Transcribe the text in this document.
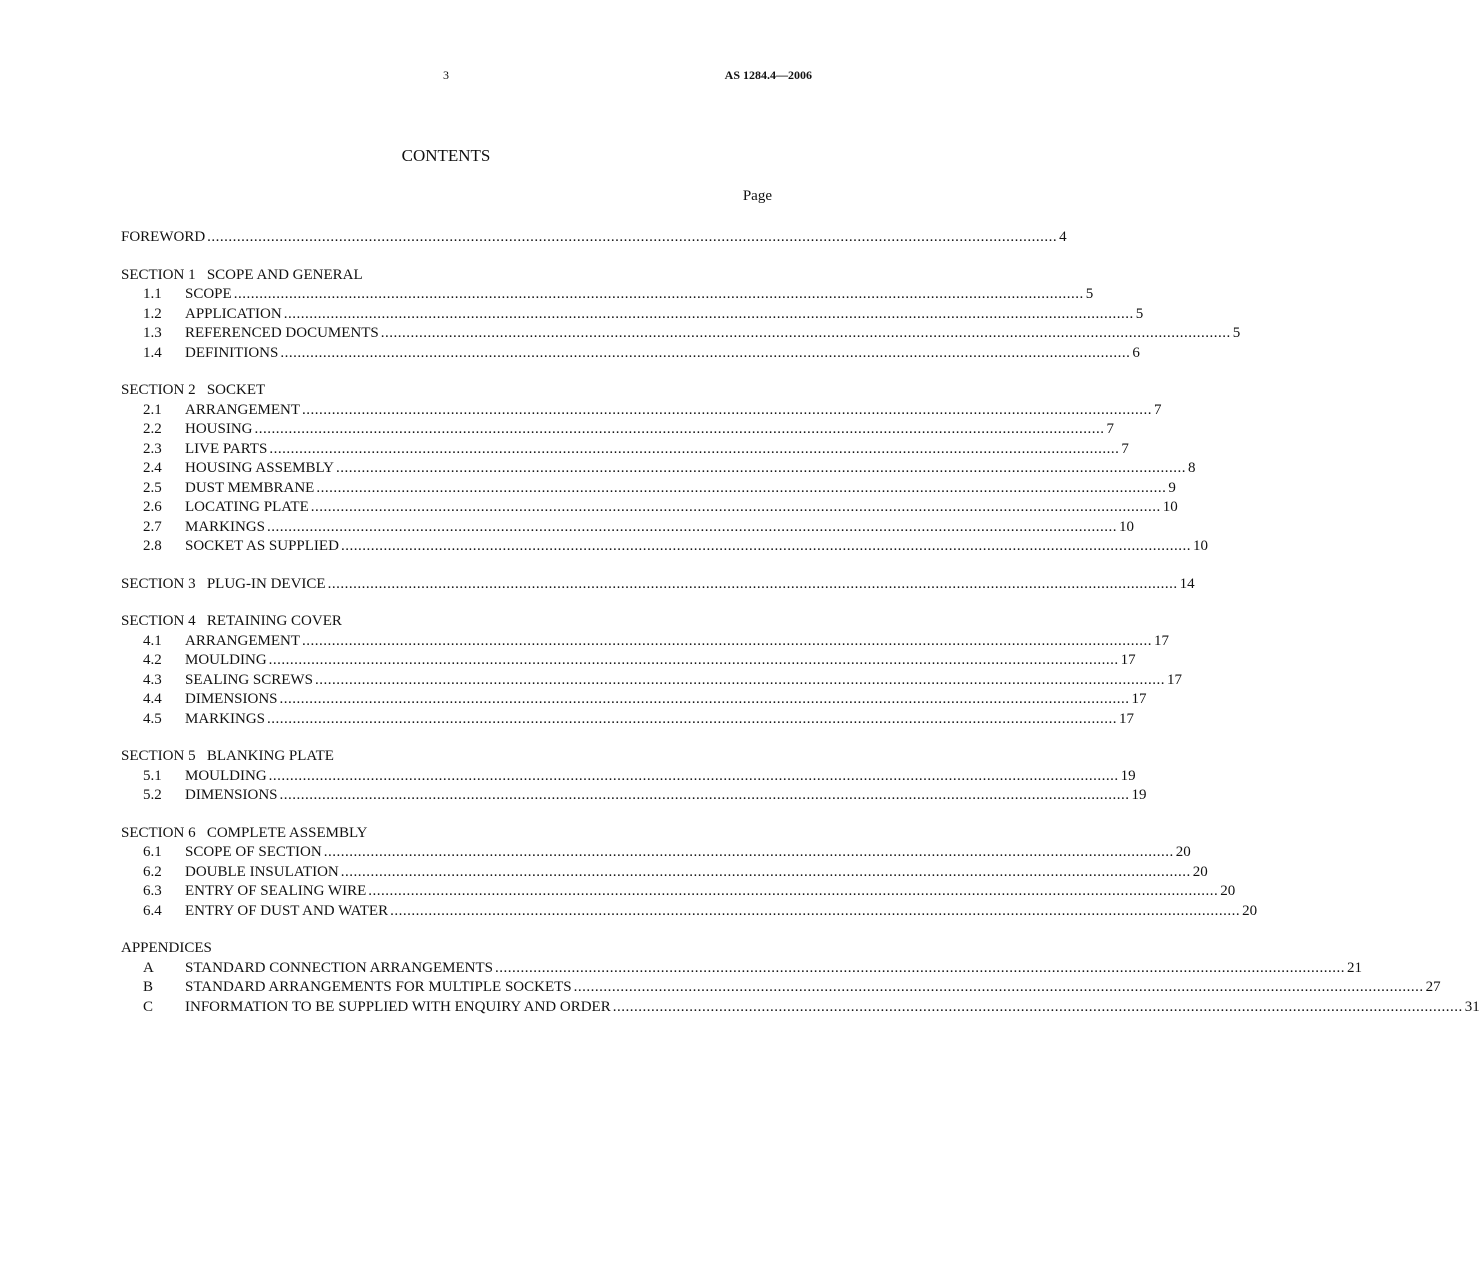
3	AS 1284.4—2006
CONTENTS
Page
FOREWORD ........................................................................................................................................................................................................ 4
SECTION 1   SCOPE AND GENERAL
1.1	SCOPE ........................................................................................................................................................................................................ 5
1.2	APPLICATION ........................................................................................................................................................................................................ 5
1.3	REFERENCED DOCUMENTS ........................................................................................................................................................................................................ 5
1.4	DEFINITIONS ........................................................................................................................................................................................................ 6
SECTION 2   SOCKET
2.1	ARRANGEMENT ........................................................................................................................................................................................................ 7
2.2	HOUSING ........................................................................................................................................................................................................ 7
2.3	LIVE PARTS ........................................................................................................................................................................................................ 7
2.4	HOUSING ASSEMBLY ........................................................................................................................................................................................................ 8
2.5	DUST MEMBRANE ........................................................................................................................................................................................................ 9
2.6	LOCATING PLATE ........................................................................................................................................................................................................ 10
2.7	MARKINGS ........................................................................................................................................................................................................ 10
2.8	SOCKET AS SUPPLIED ........................................................................................................................................................................................................ 10
SECTION 3   PLUG-IN DEVICE ........................................................................................................................................................................................................ 14
SECTION 4   RETAINING COVER
4.1	ARRANGEMENT ........................................................................................................................................................................................................ 17
4.2	MOULDING ........................................................................................................................................................................................................ 17
4.3	SEALING SCREWS ........................................................................................................................................................................................................ 17
4.4	DIMENSIONS ........................................................................................................................................................................................................ 17
4.5	MARKINGS ........................................................................................................................................................................................................ 17
SECTION 5   BLANKING PLATE
5.1	MOULDING ........................................................................................................................................................................................................ 19
5.2	DIMENSIONS ........................................................................................................................................................................................................ 19
SECTION 6   COMPLETE ASSEMBLY
6.1	SCOPE OF SECTION ........................................................................................................................................................................................................ 20
6.2	DOUBLE INSULATION ........................................................................................................................................................................................................ 20
6.3	ENTRY OF SEALING WIRE ........................................................................................................................................................................................................ 20
6.4	ENTRY OF DUST AND WATER ........................................................................................................................................................................................................ 20
APPENDICES
A	STANDARD CONNECTION ARRANGEMENTS ........................................................................................................................................................................................................ 21
B	STANDARD ARRANGEMENTS FOR MULTIPLE SOCKETS ........................................................................................................................................................................................................ 27
C	INFORMATION TO BE SUPPLIED WITH ENQUIRY AND ORDER ........................................................................................................................................................................................................ 31
